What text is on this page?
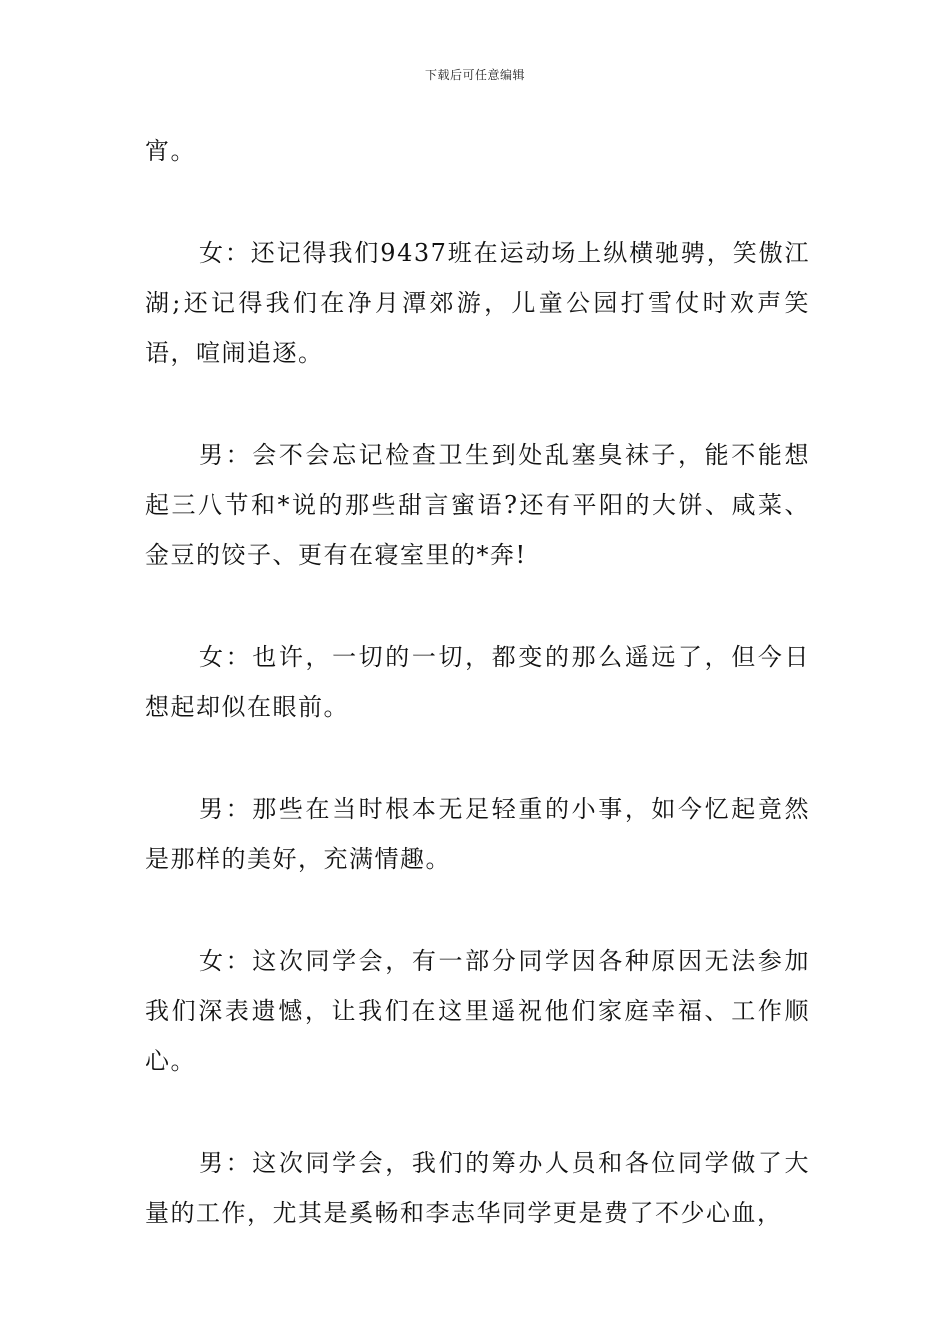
下载后可任意编辑

宵。

女：还记得我们9437班在运动场上纵横驰骋，笑傲江湖;还记得我们在净月潭郊游，儿童公园打雪仗时欢声笑语，喧闹追逐。

男：会不会忘记检查卫生到处乱塞臭袜子，能不能想起三八节和*说的那些甜言蜜语?还有平阳的大饼、咸菜、金豆的饺子、更有在寝室里的*奔!

女：也许，一切的一切，都变的那么遥远了，但今日想起却似在眼前。

男：那些在当时根本无足轻重的小事，如今忆起竟然是那样的美好，充满情趣。

女：这次同学会，有一部分同学因各种原因无法参加我们深表遗憾，让我们在这里遥祝他们家庭幸福、工作顺心。

男：这次同学会，我们的筹办人员和各位同学做了大量的工作，尤其是奚畅和李志华同学更是费了不少心血，
